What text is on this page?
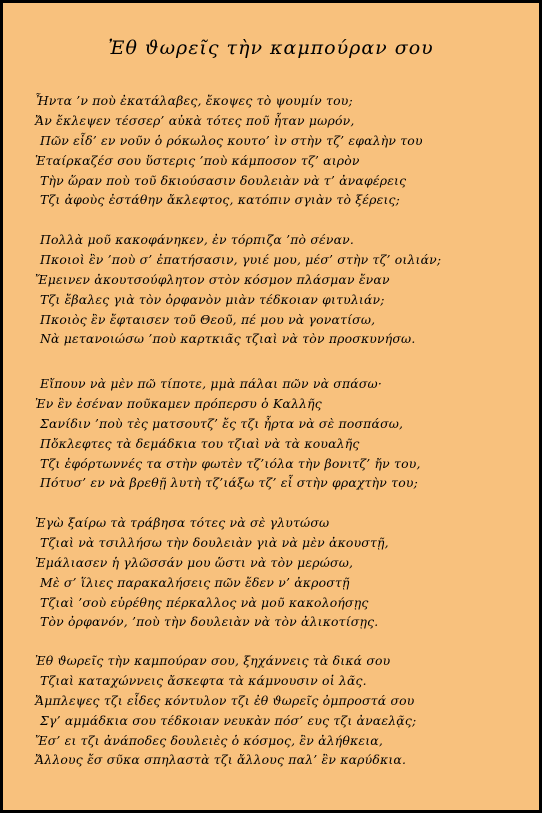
Ἐθ ϑωρεῖς τὴν καμπούραν σου
Ἦντα ’ν ποὺ ἐκατάλαβες, ἔκοψες τὸ ψουμίν του;
Ἄν ἔκλεψεν τέσσερ’ αὐκὰ τότες ποῦ ἦταν μωρόν,
Πῶν εἶδ’ εν νοῦν ὁ ρόκωλος κουτο’ ὶν στὴν τζ’ εφαλὴν του
Ἑταίρκαζέσ σου ὕστερις ’ποὺ κάμποσον τζ’ αιρὸν
Τὴν ὥραν ποὺ τοῦ δκιούσασιν δουλειὰν νὰ τ’ ἀναφέρεις
Τζι ἀφοὺς ἐστάθην ἄκλεφτος, κατόπιν σγιὰν τὸ ξέρεις;
Πολλὰ μοῦ κακοφάνηκεν, ἐν τόρπιζα ’πὸ σέναν.
Πκοιοὶ ἒν ’ποὺ σ’ ἐπατήσασιν, γυιέ μου, μέσ’ στὴν τζ’ οιλιάν;
Ἔμεινεν ἀκουτσούφλητον στὸν κόσμον πλάσμαν ἔναν
Τζι ἔβαλες γιὰ τὸν ὀρφανὸν μιὰν τέδκοιαν φιτυλιάν;
Πκοιὸς ἒν ἔφταισεν τοῦ Θεοῦ, πέ μου νὰ γονατίσω,
Νὰ μετανοιώσω ’ποὺ καρτκιᾶς τζιαὶ νὰ τὸν προσκυνήσω.
Εἴπουν νὰ μὲν πῶ τίποτε, μμὰ πάλαι πῶν νὰ σπάσω·
Ἐν ἒν ἐσέναν ποῦκαμεν πρόπερσυ ὁ Καλλῆς
Σανίδιν ’ποὺ τὲς ματσουτζ’ ἔς τζι ἦρτα νὰ σὲ ποσπάσω,
Πὄκλεφτες τὰ δεμάδκια του τζιαὶ νὰ τὰ κουαλῆς
Τζι ἐφόρτωννές τα στὴν φωτὲν τζ’ιόλα τὴν βονιτζ’ ἤν του,
Πότυσ’ εν νὰ βρεθῇ λυτὴ τζ’ιάξω τζ’ εἶ στὴν φραχτὴν του;
Ἐγὼ ξαίρω τὰ τράβησα τότες νὰ σὲ γλυτώσω
Τζιαὶ νὰ τσιλλήσω τὴν δουλειὰν γιὰ νὰ μὲν ἀκουστῇ,
Ἐμάλιασεν ἡ γλῶσσάν μου ὥστι νὰ τὸν μερώσω,
Μὲ σ’ ἵλιες παρακαλήσεις πῶν ἔδεν ν’ ἀκροστῇ
Τζιαὶ ’σοὺ εὑρέθης πέρκαλλος νὰ μοῦ κακολοήσῃς
Τὸν ὀρφανόν, ’ποὺ τὴν δουλειὰν νὰ τὸν ἀλικοτίσῃς.
Ἐθ ϑωρεῖς τὴν καμπούραν σου, ξηχάννεις τὰ δικά σου
Τζιαὶ καταχώννεις ἄσκεφτα τὰ κάμνουσιν οἱ λᾶς.
Ἄμπλεψες τζι εἶδες κόντυλον τζι ἐθ ϑωρεῖς ὀμπροστά σου
Σγ’ αμμάδκια σου τέδκοιαν νευκὰν πόσ’ ευς τζι ἀναελᾷς;
Ἔσ’ ει τζι ἀνάποδες δουλειὲς ὁ κόσμος, ἒν ἀλήθκεια,
Ἄλλους ἔσ σῦκα σπηλαστὰ τζι ἄλλους παλ’ ἒν καρύδκια.
